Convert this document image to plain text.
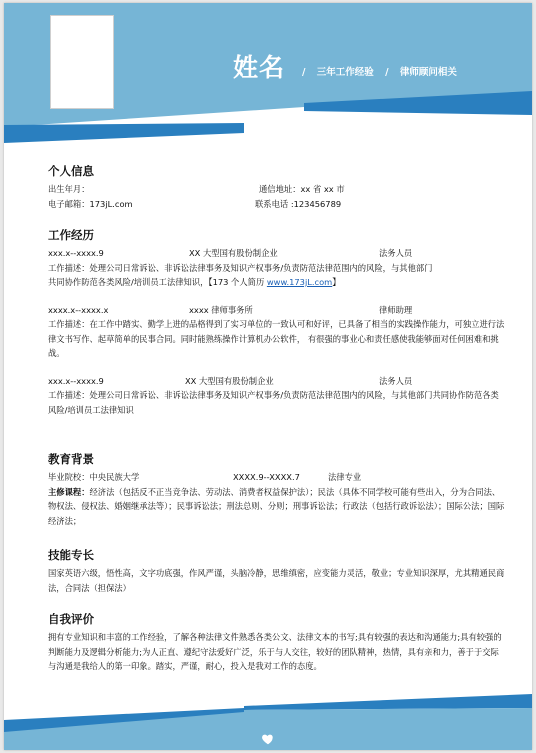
姓名 / 三年工作经验 / 律师顾问相关
个人信息
出生年月：	通信地址：xx 省 xx 市
电子邮箱：173jL.com	联系电话 :123456789
工作经历
xxx.x--xxxx.9	XX 大型国有股份制企业	法务人员
工作描述：处理公司日常诉讼、非诉讼法律事务及知识产权事务/负责防范法律范围内的风险，与其他部门
共同协作防范各类风险/培训员工法律知识，【173 个人简历 www.173jL.com】
xxxx.x--xxxx.x	xxxx 律师事务所	律师助理
工作描述：在工作中踏实、勤学上进的品格得到了实习单位的一致认可和好评，已具备了相当的实践操作能力，可独立进行法律文书写作、起草简单的民事合同。同时能熟练操作计算机办公软件， 有很强的事业心和责任感使我能够面对任何困难和挑战。
xxx.x--xxxx.9	XX 大型国有股份制企业	法务人员
工作描述：处理公司日常诉讼、非诉讼法律事务及知识产权事务/负责防范法律范围内的风险，与其他部门共同协作防范各类风险/培训员工法律知识
教育背景
毕业院校：中央民族大学	XXXX.9--XXXX.7	法律专业
主修课程：经济法（包括反不正当竞争法、劳动法、消费者权益保护法）；民法（具体不同学校可能有些出入，分为合同法、物权法、侵权法、婚姻继承法等）；民事诉讼法；刑法总则、分则；刑事诉讼法；行政法（包括行政诉讼法）；国际公法；国际经济法；
技能专长
国家英语六级，悟性高，文字功底强，作风严谨，头脑冷静，思维缜密，应变能力灵活，敬业；专业知识深厚，尤其精通民商法，合同法（担保法）
自我评价
拥有专业知识和丰富的工作经验，了解各种法律文件熟悉各类公文、法律文本的书写;具有较强的表达和沟通能力;具有较强的判断能力及逻辑分析能力;为人正直、遵纪守法爱好广泛，乐于与人交往，较好的团队精神，热情，具有亲和力，善于于交际与沟通是我给人的第一印象。踏实，严谨，耐心，投入是我对工作的态度。
